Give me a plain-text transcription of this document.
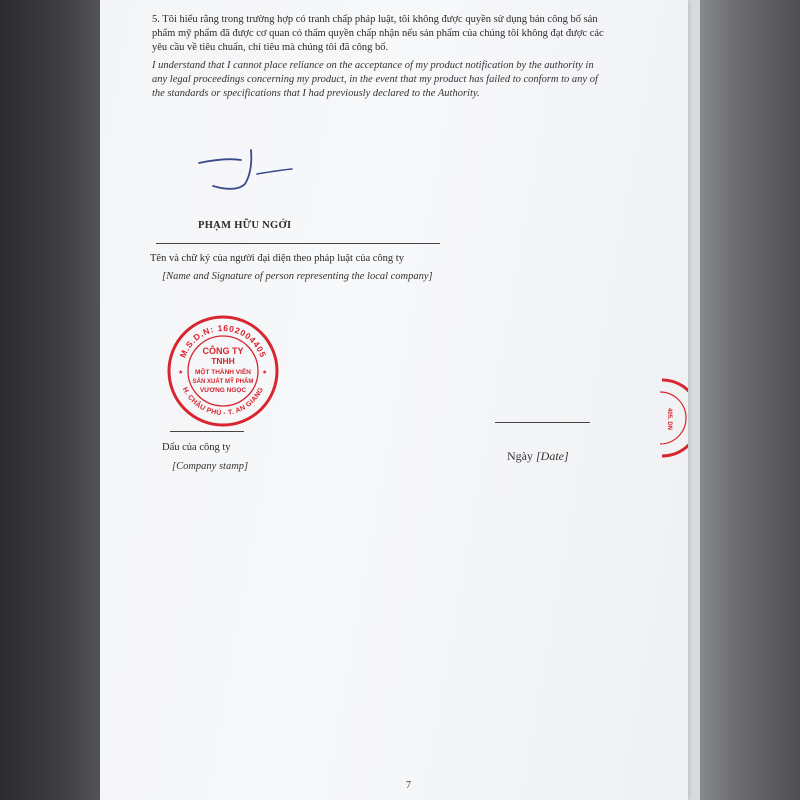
5. Tôi hiểu rằng trong trường hợp có tranh chấp pháp luật, tôi không được quyền sử dụng bản công bố sản
phẩm mỹ phẩm đã được cơ quan có thẩm quyền chấp nhận nếu sản phẩm của chúng tôi không đạt được các
yêu cầu về tiêu chuẩn, chỉ tiêu mà chúng tôi đã công bố.
I understand that I cannot place reliance on the acceptance of my product notification by the authority in
any legal proceedings concerning my product, in the event that my product has failed to conform to any of
the standards or specifications that I had previously declared to the Authority.
PHẠM HỮU NGỚI
Tên và chữ ký của người đại diện theo pháp luật của công ty
[Name and Signature of person representing the local company]
M.S.D.N: 1602004405
H. CHÂU PHÚ - T. AN GIANG
★	★
CÔNG TY
TNHH
MỘT THÀNH VIÊN
SẢN XUẤT MỸ PHẨM
VƯƠNG NGỌC
Dấu của công ty
[Company stamp]
Ngày [Date]
7
405. DN
